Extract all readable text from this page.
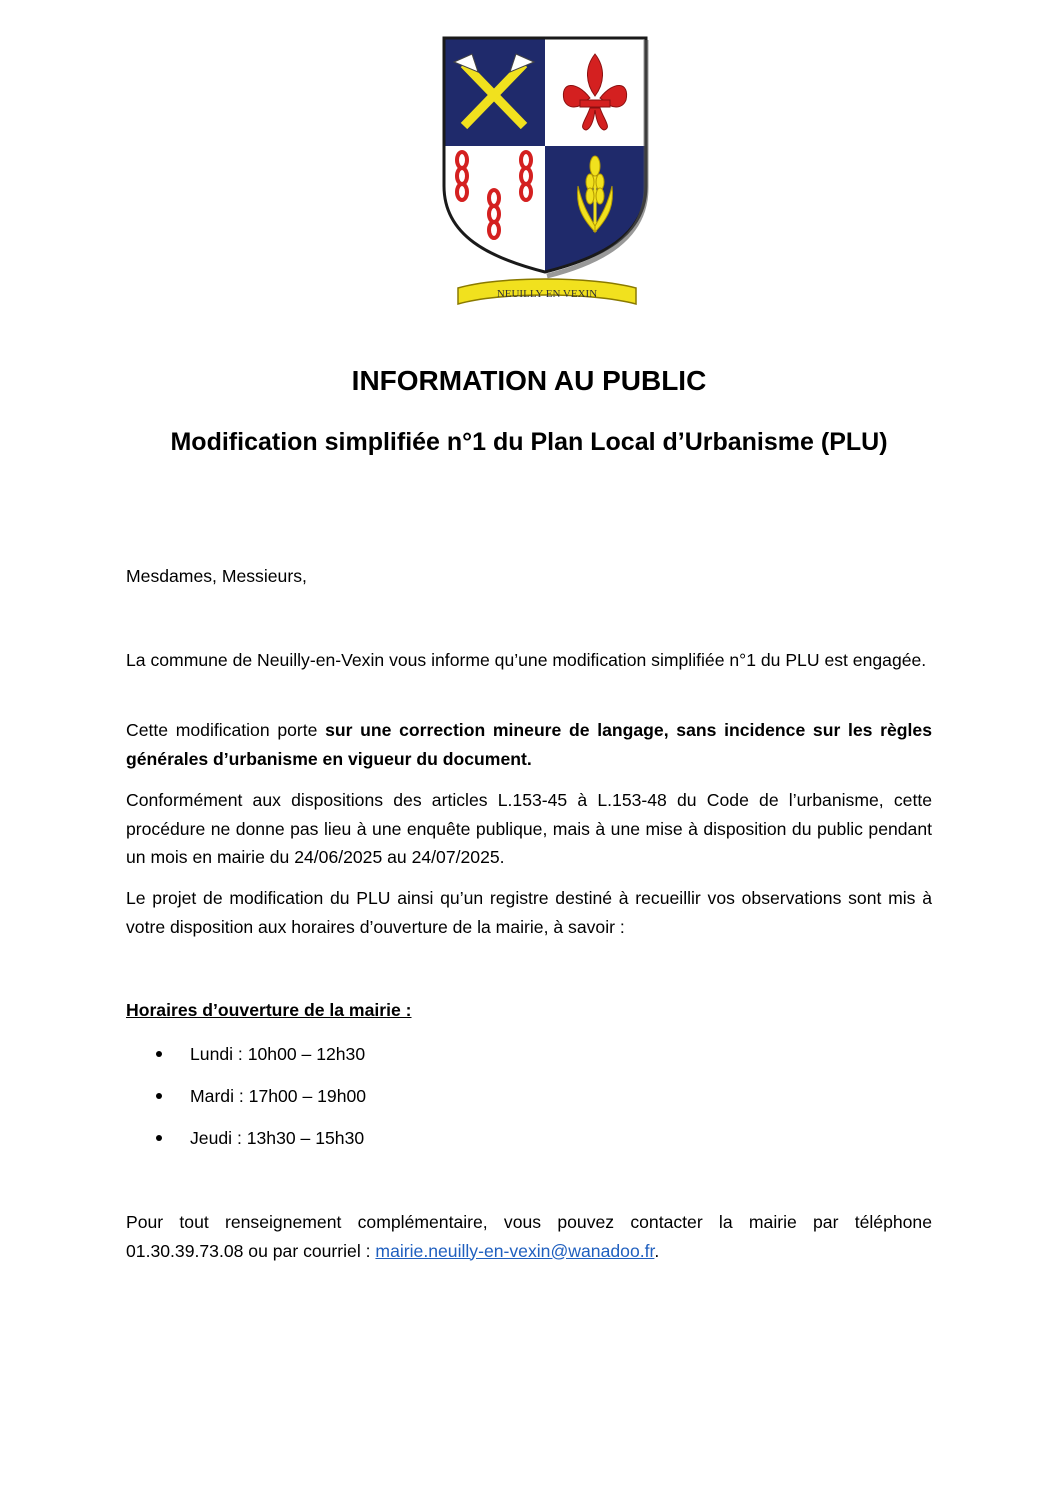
NEUILLY EN VEXIN
INFORMATION AU PUBLIC
Modification simplifiée n°1 du Plan Local d’Urbanisme (PLU)

Mesdames, Messieurs,

La commune de Neuilly-en-Vexin vous informe qu’une modification simplifiée n°1 du PLU est engagée.

Cette modification porte sur une correction mineure de langage, sans incidence sur les règles générales d’urbanisme en vigueur du document.

Conformément aux dispositions des articles L.153-45 à L.153-48 du Code de l’urbanisme, cette procédure ne donne pas lieu à une enquête publique, mais à une mise à disposition du public pendant un mois en mairie du 24/06/2025 au 24/07/2025.

Le projet de modification du PLU ainsi qu’un registre destiné à recueillir vos observations sont mis à votre disposition aux horaires d’ouverture de la mairie, à savoir :

Horaires d’ouverture de la mairie :

Lundi : 10h00 – 12h30
Mardi : 17h00 – 19h00
Jeudi : 13h30 – 15h30

Pour tout renseignement complémentaire, vous pouvez contacter la mairie par téléphone 01.30.39.73.08 ou par courriel : mairie.neuilly-en-vexin@wanadoo.fr.
